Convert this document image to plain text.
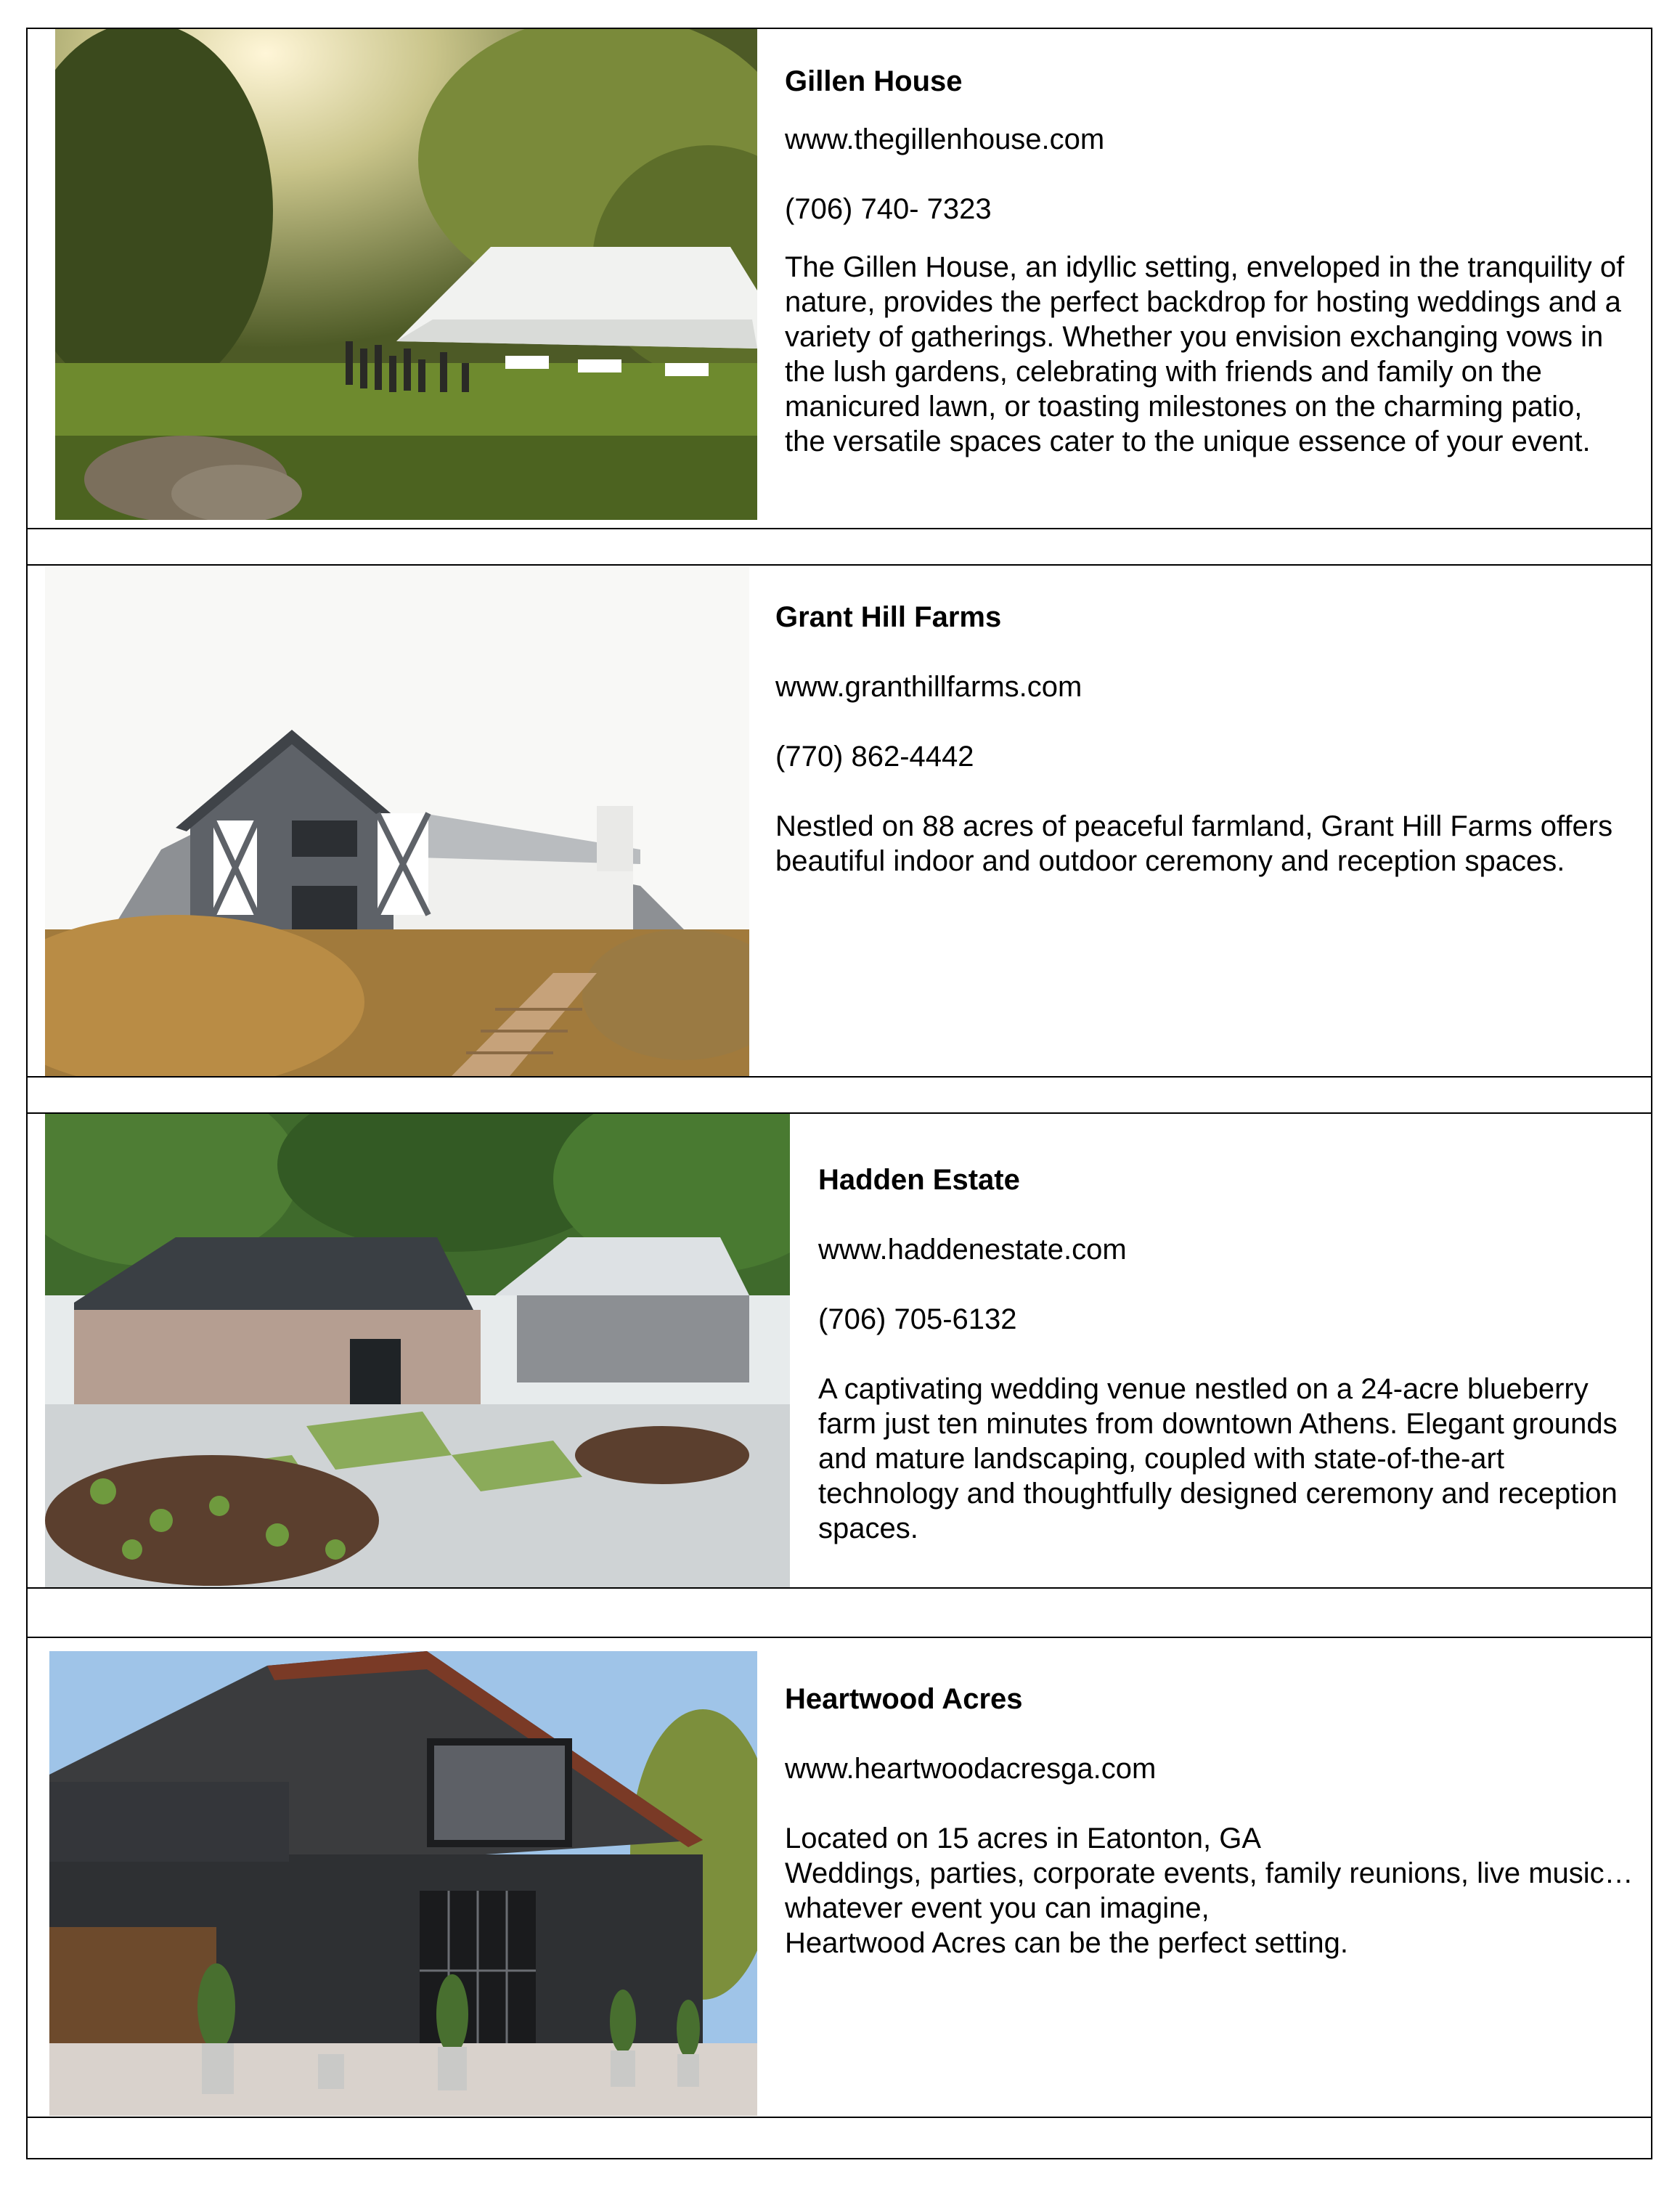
Gillen House

www.thegillenhouse.com

(706) 740- 7323

The Gillen House, an idyllic setting, enveloped in the tranquility of nature, provides the perfect backdrop for hosting weddings and a variety of gatherings. Whether you envision exchanging vows in the lush gardens, celebrating with friends and family on the manicured lawn, or toasting milestones on the charming patio, the versatile spaces cater to the unique essence of your event.

Grant Hill Farms

www.granthillfarms.com

(770) 862-4442

Nestled on 88 acres of peaceful farmland, Grant Hill Farms offers beautiful indoor and outdoor ceremony and reception spaces.

Hadden Estate

www.haddenestate.com

(706) 705-6132

A captivating wedding venue nestled on a 24-acre blueberry farm just ten minutes from downtown Athens. Elegant grounds and mature landscaping, coupled with state-of-the-art technology and thoughtfully designed ceremony and reception spaces.

Heartwood Acres

www.heartwoodacresga.com

Located on 15 acres in Eatonton, GA

Weddings, parties, corporate events, family reunions, live music…whatever event you can imagine,

Heartwood Acres can be the perfect setting.
